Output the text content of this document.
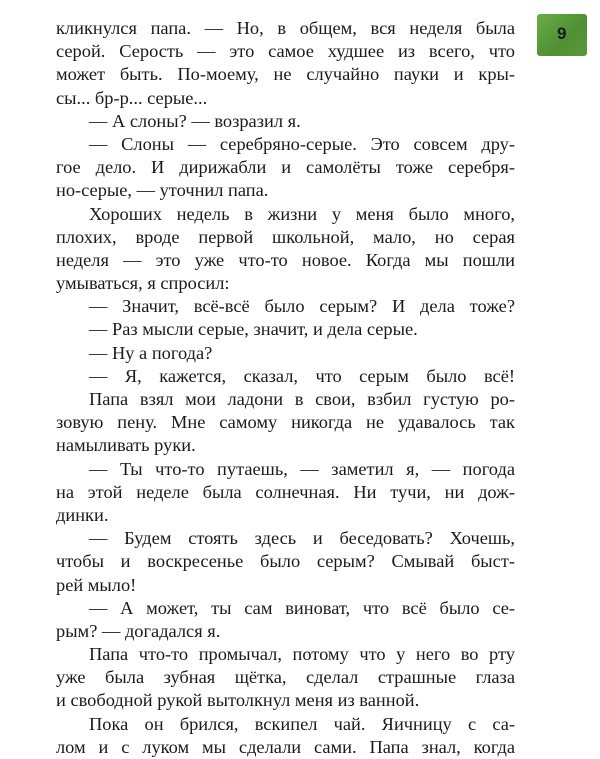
9
кликнулся папа. — Но, в общем, вся неделя была
серой. Серость — это самое худшее из всего, что
может быть. По-моему, не случайно пауки и кры-
сы... бр-р... серые...
— А слоны? — возразил я.
— Слоны — серебряно-серые. Это совсем дру-
гое дело. И дирижабли и самолёты тоже серебря-
но-серые, — уточнил папа.
Хороших недель в жизни у меня было много,
плохих, вроде первой школьной, мало, но серая
неделя — это уже что-то новое. Когда мы пошли
умываться, я спросил:
— Значит, всё-всё было серым? И дела тоже?
— Раз мысли серые, значит, и дела серые.
— Ну а погода?
— Я, кажется, сказал, что серым было всё!
Папа взял мои ладони в свои, взбил густую ро-
зовую пену. Мне самому никогда не удавалось так
намыливать руки.
— Ты что-то путаешь, — заметил я, — погода
на этой неделе была солнечная. Ни тучи, ни дож-
динки.
— Будем стоять здесь и беседовать? Хочешь,
чтобы и воскресенье было серым? Смывай быст-
рей мыло!
— А может, ты сам виноват, что всё было се-
рым? — догадался я.
Папа что-то промычал, потому что у него во рту
уже была зубная щётка, сделал страшные глаза
и свободной рукой вытолкнул меня из ванной.
Пока он брился, вскипел чай. Яичницу с са-
лом и с луком мы сделали сами. Папа знал, когда
